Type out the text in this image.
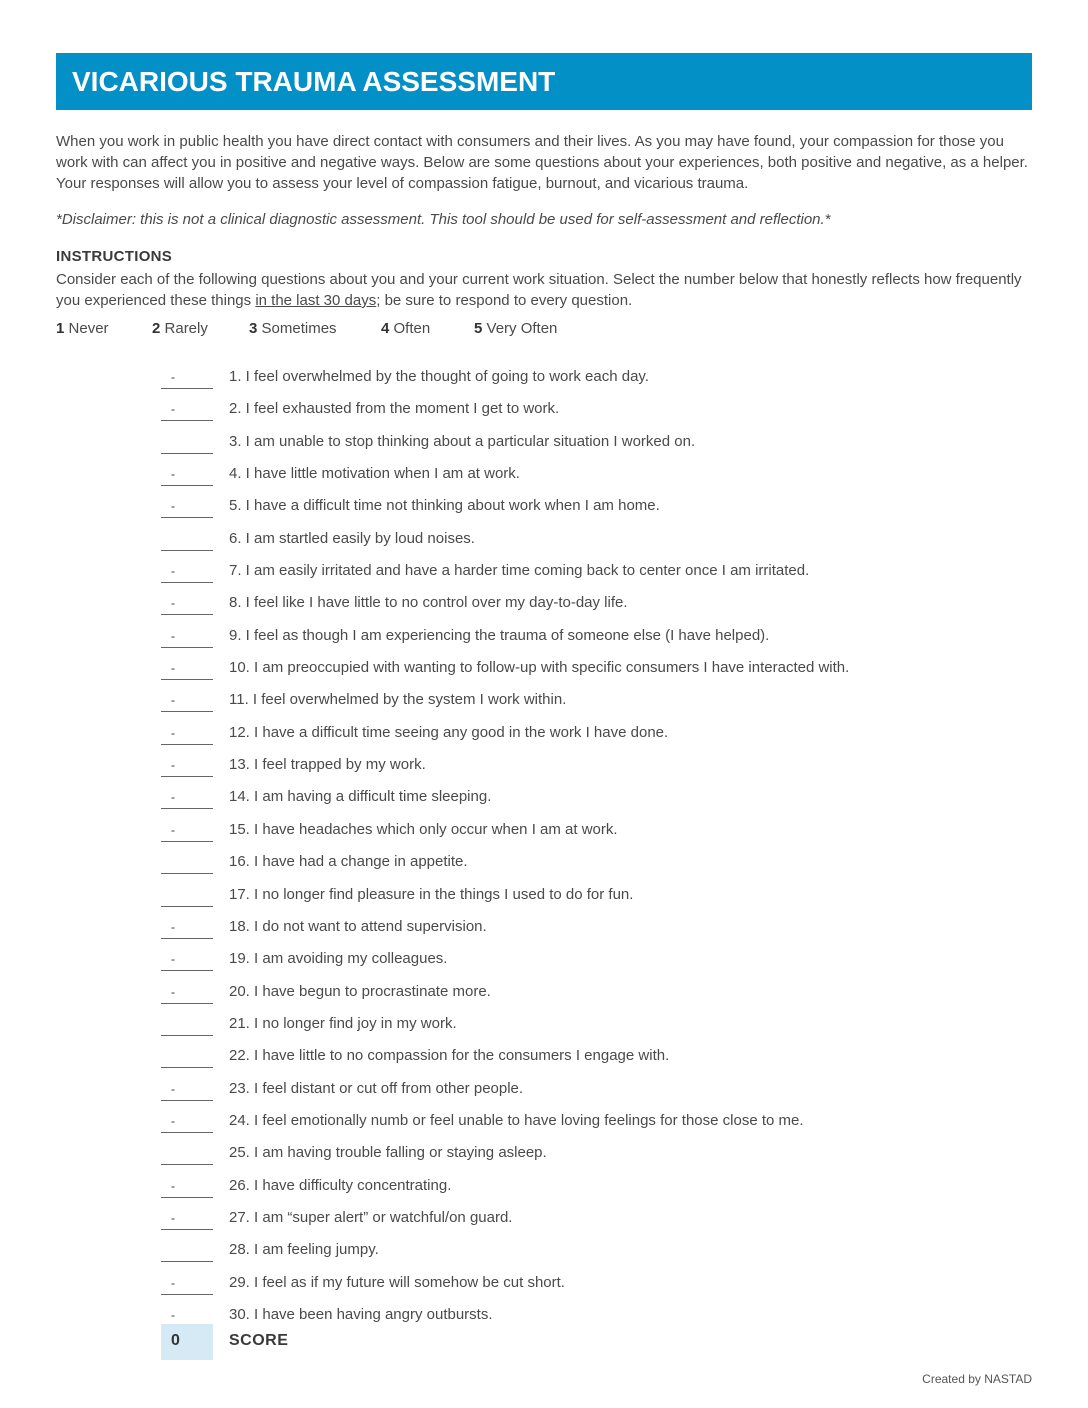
VICARIOUS TRAUMA ASSESSMENT
When you work in public health you have direct contact with consumers and their lives. As you may have found, your compassion for those you work with can affect you in positive and negative ways. Below are some questions about your experiences, both positive and negative, as a helper. Your responses will allow you to assess your level of compassion fatigue, burnout, and vicarious trauma.
*Disclaimer: this is not a clinical diagnostic assessment. This tool should be used for self-assessment and reflection.*
INSTRUCTIONS
Consider each of the following questions about you and your current work situation. Select the number below that honestly reflects how frequently you experienced these things in the last 30 days; be sure to respond to every question.
1 Never	2 Rarely	3 Sometimes	4 Often	5 Very Often
-	1. I feel overwhelmed by the thought of going to work each day.
-	2. I feel exhausted from the moment I get to work.
3. I am unable to stop thinking about a particular situation I worked on.
-	4. I have little motivation when I am at work.
-	5. I have a difficult time not thinking about work when I am home.
6. I am startled easily by loud noises.
-	7. I am easily irritated and have a harder time coming back to center once I am irritated.
-	8. I feel like I have little to no control over my day-to-day life.
-	9. I feel as though I am experiencing the trauma of someone else (I have helped).
-	10. I am preoccupied with wanting to follow-up with specific consumers I have interacted with.
-	11. I feel overwhelmed by the system I work within.
-	12. I have a difficult time seeing any good in the work I have done.
-	13. I feel trapped by my work.
-	14. I am having a difficult time sleeping.
-	15. I have headaches which only occur when I am at work.
16. I have had a change in appetite.
17. I no longer find pleasure in the things I used to do for fun.
-	18. I do not want to attend supervision.
-	19. I am avoiding my colleagues.
-	20. I have begun to procrastinate more.
21. I no longer find joy in my work.
22. I have little to no compassion for the consumers I engage with.
-	23. I feel distant or cut off from other people.
-	24. I feel emotionally numb or feel unable to have loving feelings for those close to me.
25. I am having trouble falling or staying asleep.
-	26. I have difficulty concentrating.
-	27. I am “super alert” or watchful/on guard.
28. I am feeling jumpy.
-	29. I feel as if my future will somehow be cut short.
-	30. I have been having angry outbursts.
0	SCORE
Created by NASTAD
